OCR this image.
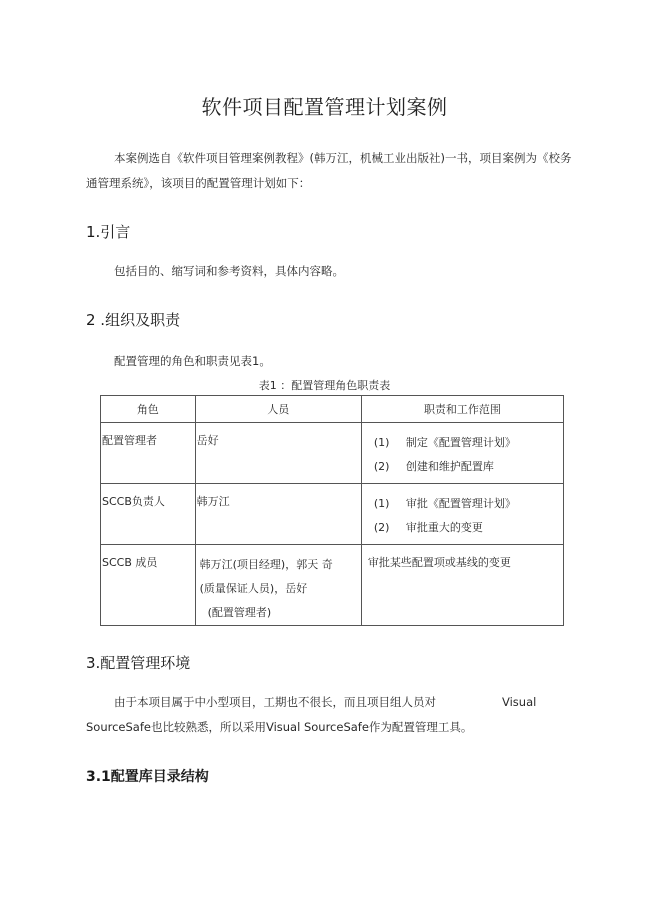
软件项目配置管理计划案例
本案例选自《软件项目管理案例教程》(韩万江，机械工业出版社)一书，项目案例为《校务
通管理系统》，该项目的配置管理计划如下：
1.引言
包括目的、缩写词和参考资料，具体内容略。
2 .组织及职责
配置管理的角色和职责见表1。
表1 ：配置管理角色职责表
角色	人员	职责和工作范围

配置管理者	岳好	(1) 制定《配置管理计划》
(2) 创建和维护配置库

SCCB负责人	韩万江	(1) 审批《配置管理计划》
(2) 审批重大的变更

SCCB 成员	韩万江(项目经理)，郭天 奇
(质量保证人员)，岳好
(配置管理者)	审批某些配置项或基线的变更
3.配置管理环境
由于本项目属于中小型项目，工期也不很长，而且项目组人员对	Visual
SourceSafe也比较熟悉，所以采用Visual SourceSafe作为配置管理工具。
3.1配置库目录结构
